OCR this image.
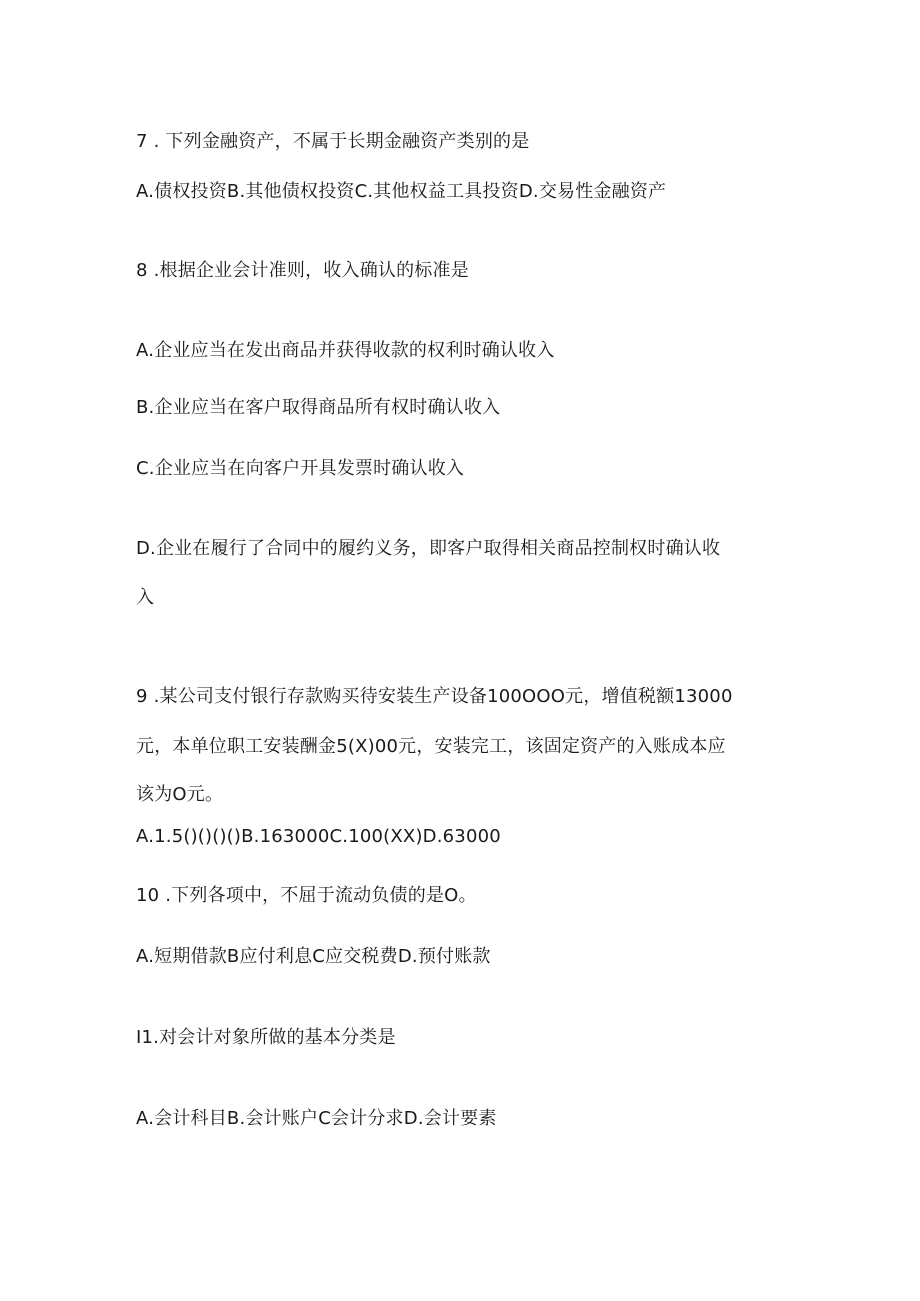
7 . 下列金融资产，不属于长期金融资产类别的是
A.债权投资B.其他债权投资C.其他权益工具投资D.交易性金融资产
8 .根据企业会计准则，收入确认的标准是
A.企业应当在发出商品并获得收款的权利时确认收入
B.企业应当在客户取得商品所有权时确认收入
C.企业应当在向客户开具发票时确认收入
D.企业在履行了合同中的履约义务，即客户取得相关商品控制权时确认收
入
9 .某公司支付银行存款购买待安装生产设备100OOO元，增值税额13000
元，本单位职工安装酬金5(X)00元，安装完工，该固定资产的入账成本应
该为O元。
A.1.5()()()()B.163000C.100(XX)D.63000
10 .下列各项中，不屈于流动负债的是O。
A.短期借款B应付利息C应交税费D.预付账款
I1.对会计对象所做的基本分类是
A.会计科目B.会计账户C会计分求D.会计要素
